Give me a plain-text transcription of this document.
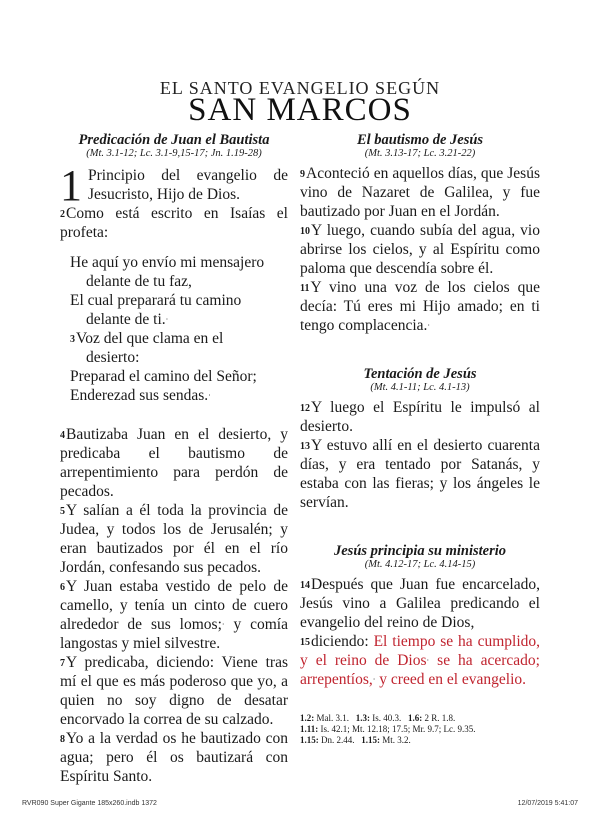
EL SANTO EVANGELIO SEGÚN
SAN MARCOS

Predicación de Juan el Bautista

(Mt. 3.1-12; Lc. 3.1-9,15-17; Jn. 1.19-28)

1 Principio del evangelio de Jesucristo, Hijo de Dios.

$^2$Como está escrito en Isaías el profeta:

He aquí yo envío mi mensajero
delante de tu faz,
El cual preparará tu camino
delante de ti.·
$^3$Voz del que clama en el
desierto:
Preparad el camino del Señor;
Enderezad sus sendas.·

$^4$Bautizaba Juan en el desierto, y predicaba el bautismo de arrepentimiento para perdón de pecados.

$^5$Y salían a él toda la provincia de Judea, y todos los de Jerusalén; y eran bautizados por él en el río Jordán, confesando sus pecados.

$^6$Y Juan estaba vestido de pelo de camello, y tenía un cinto de cuero alrededor de sus lomos;· y comía langostas y miel silvestre.

$^7$Y predicaba, diciendo: Viene tras mí el que es más poderoso que yo, a quien no soy digno de desatar encorvado la correa de su calzado.

$^8$Yo a la verdad os he bautizado con agua; pero él os bautizará con Espíritu Santo.

El bautismo de Jesús

(Mt. 3.13-17; Lc. 3.21-22)

$^9$Aconteció en aquellos días, que Jesús vino de Nazaret de Galilea, y fue bautizado por Juan en el Jordán.

$^{10}$Y luego, cuando subía del agua, vio abrirse los cielos, y al Espíritu como paloma que descendía sobre él.

$^{11}$Y vino una voz de los cielos que decía: Tú eres mi Hijo amado; en ti tengo complacencia.·

Tentación de Jesús

(Mt. 4.1-11; Lc. 4.1-13)

$^{12}$Y luego el Espíritu le impulsó al desierto.

$^{13}$Y estuvo allí en el desierto cuarenta días, y era tentado por Satanás, y estaba con las fieras; y los ángeles le servían.

Jesús principia su ministerio

(Mt. 4.12-17; Lc. 4.14-15)

$^{14}$Después que Juan fue encarcelado, Jesús vino a Galilea predicando el evangelio del reino de Dios,

$^{15}$diciendo: El tiempo se ha cumplido, y el reino de Dios· se ha acercado; arrepentíos,· y creed en el evangelio.

1.2: Mal. 3.1. 1.3: Is. 40.3. 1.6: 2 R. 1.8.

1.11: Is. 42.1; Mt. 12.18; 17.5; Mr. 9.7; Lc. 9.35.

1.15: Dn. 2.44. 1.15: Mt. 3.2.

RVR090 Super Gigante 185x260.indb 1372	12/07/2019 5:41:07
